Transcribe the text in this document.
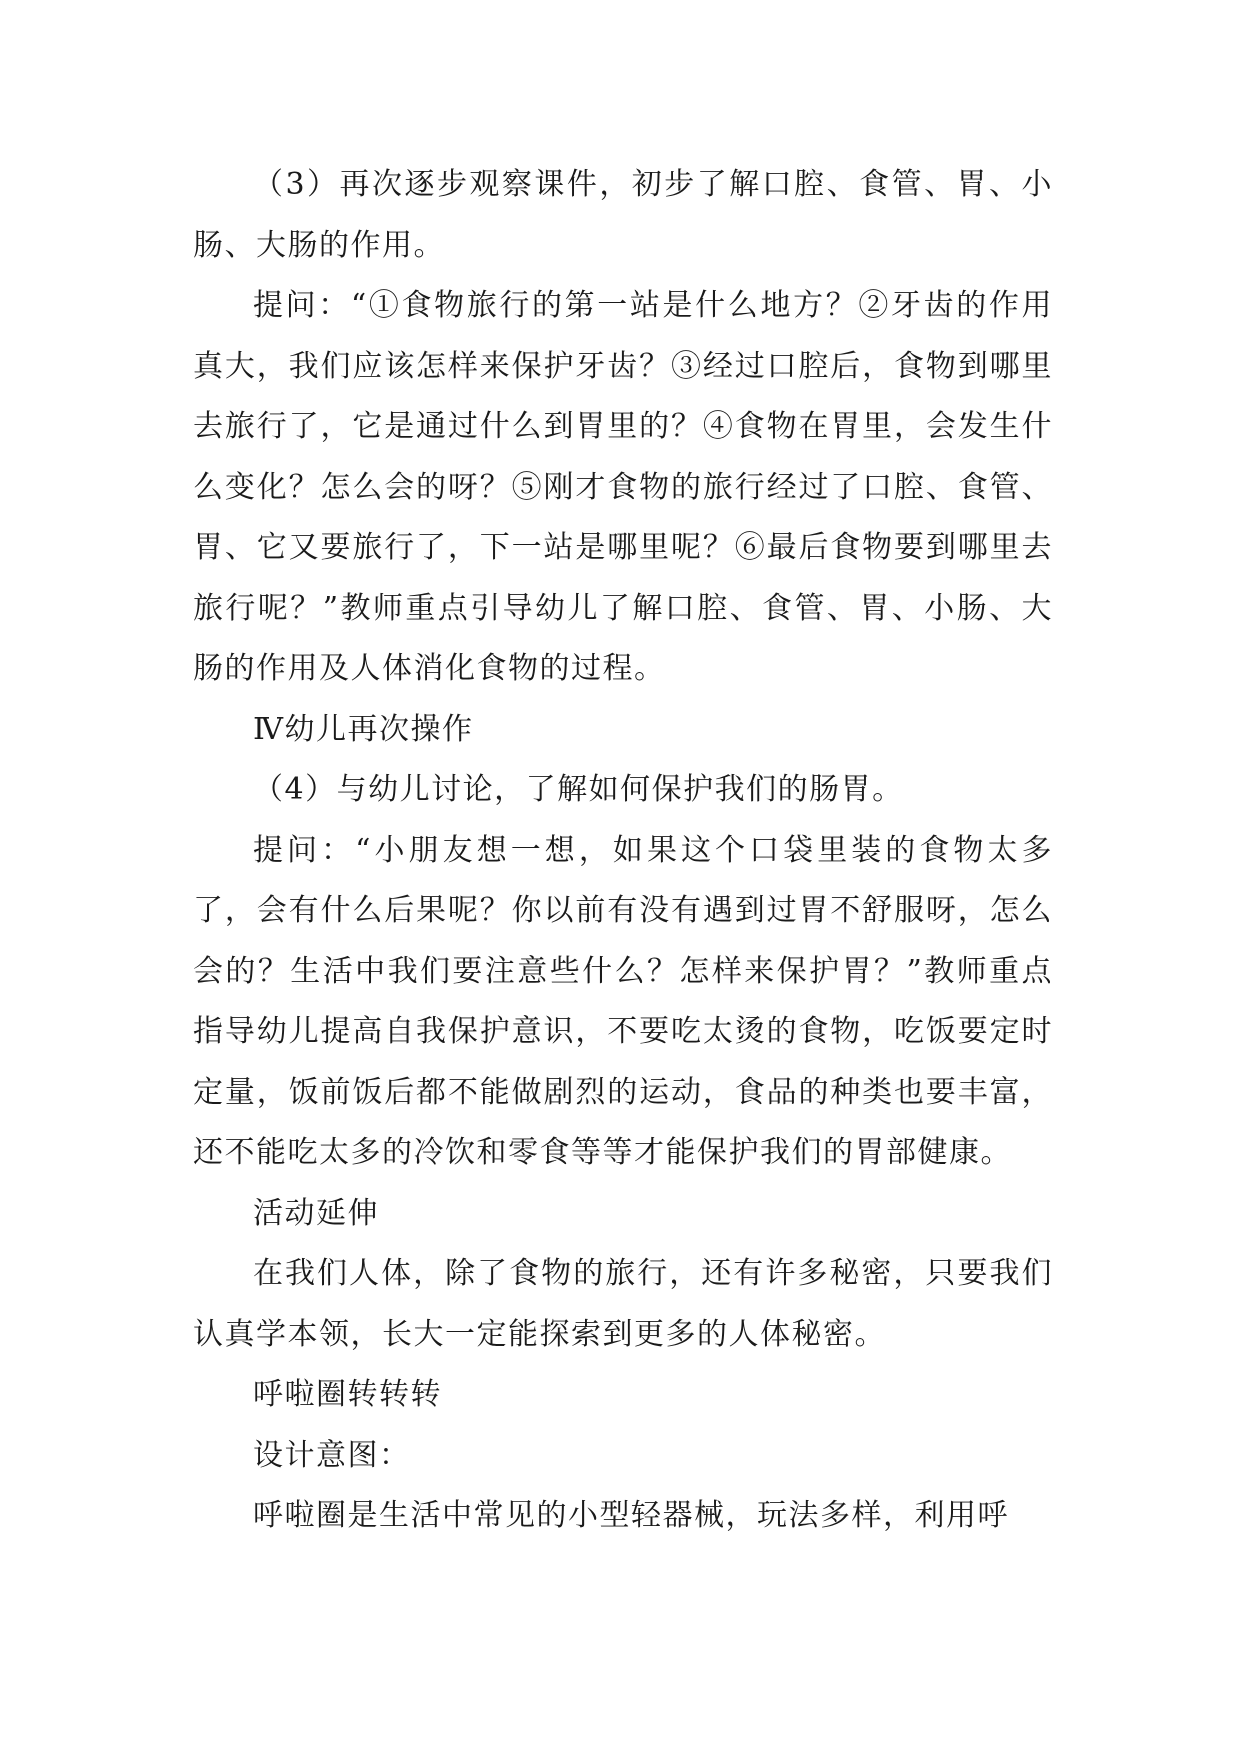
（3）再次逐步观察课件，初步了解口腔、食管、胃、小肠、大肠的作用。

提问：“①食物旅行的第一站是什么地方？②牙齿的作用真大，我们应该怎样来保护牙齿？③经过口腔后，食物到哪里去旅行了，它是通过什么到胃里的？④食物在胃里，会发生什么变化？怎么会的呀？⑤刚才食物的旅行经过了口腔、食管、胃、它又要旅行了，下一站是哪里呢？⑥最后食物要到哪里去旅行呢？”教师重点引导幼儿了解口腔、食管、胃、小肠、大肠的作用及人体消化食物的过程。

Ⅳ幼儿再次操作

（4）与幼儿讨论，了解如何保护我们的肠胃。

提问：“小朋友想一想，如果这个口袋里装的食物太多了，会有什么后果呢？你以前有没有遇到过胃不舒服呀，怎么会的？生活中我们要注意些什么？怎样来保护胃？”教师重点指导幼儿提高自我保护意识，不要吃太烫的食物，吃饭要定时定量，饭前饭后都不能做剧烈的运动，食品的种类也要丰富，还不能吃太多的冷饮和零食等等才能保护我们的胃部健康。

活动延伸

在我们人体，除了食物的旅行，还有许多秘密，只要我们认真学本领，长大一定能探索到更多的人体秘密。

呼啦圈转转转

设计意图：

呼啦圈是生活中常见的小型轻器械，玩法多样，利用呼
